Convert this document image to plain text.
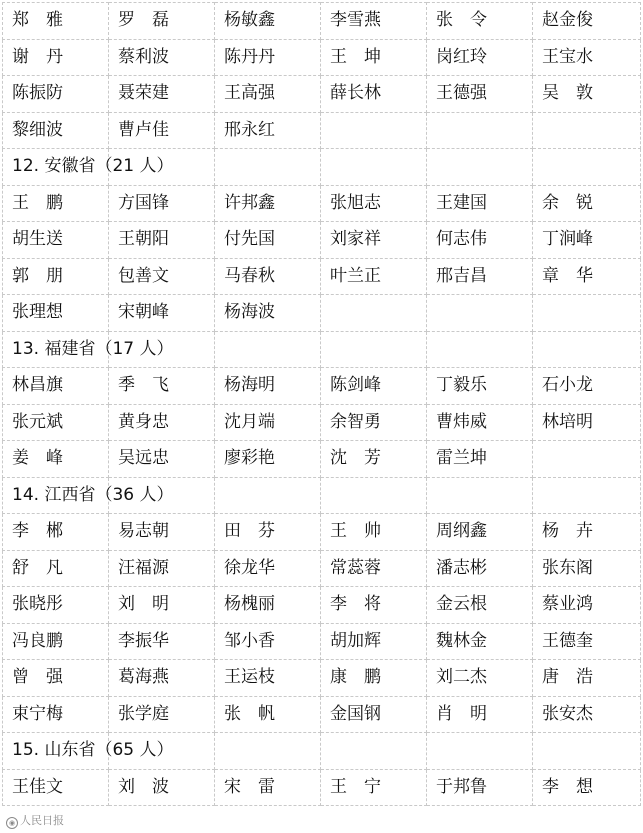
郑　雅	罗　磊	杨敏鑫	李雪燕	张　令	赵金俊
谢　丹	蔡利波	陈丹丹	王　坤	岗红玲	王宝水
陈振防	聂荣建	王高强	薛长林	王德强	吴　敦
黎细波	曹卢佳	邢永红			
12. 安徽省（21 人）					
王　鹏	方国锋	许邦鑫	张旭志	王建国	余　锐
胡生送	王朝阳	付先国	刘家祥	何志伟	丁涧峰
郭　朋	包善文	马春秋	叶兰正	邢吉昌	章　华
张理想	宋朝峰	杨海波			
13. 福建省（17 人）					
林昌旗	季　飞	杨海明	陈剑峰	丁毅乐	石小龙
张元斌	黄身忠	沈月端	余智勇	曹炜威	林培明
姜　峰	吴远忠	廖彩艳	沈　芳	雷兰坤	
14. 江西省（36 人）					
李　郴	易志朝	田　芬	王　帅	周纲鑫	杨　卉
舒　凡	汪福源	徐龙华	常蕊蓉	潘志彬	张东阁
张晓彤	刘　明	杨槐丽	李　将	金云根	蔡业鸿
冯良鹏	李振华	邹小香	胡加辉	魏林金	王德奎
曾　强	葛海燕	王运枝	康　鹏	刘二杰	唐　浩
束宁梅	张学庭	张　帆	金国钢	肖　明	张安杰
15. 山东省（65 人）					
王佳文	刘　波	宋　雷	王　宁	于邦鲁	李　想
◉ 人民日报
